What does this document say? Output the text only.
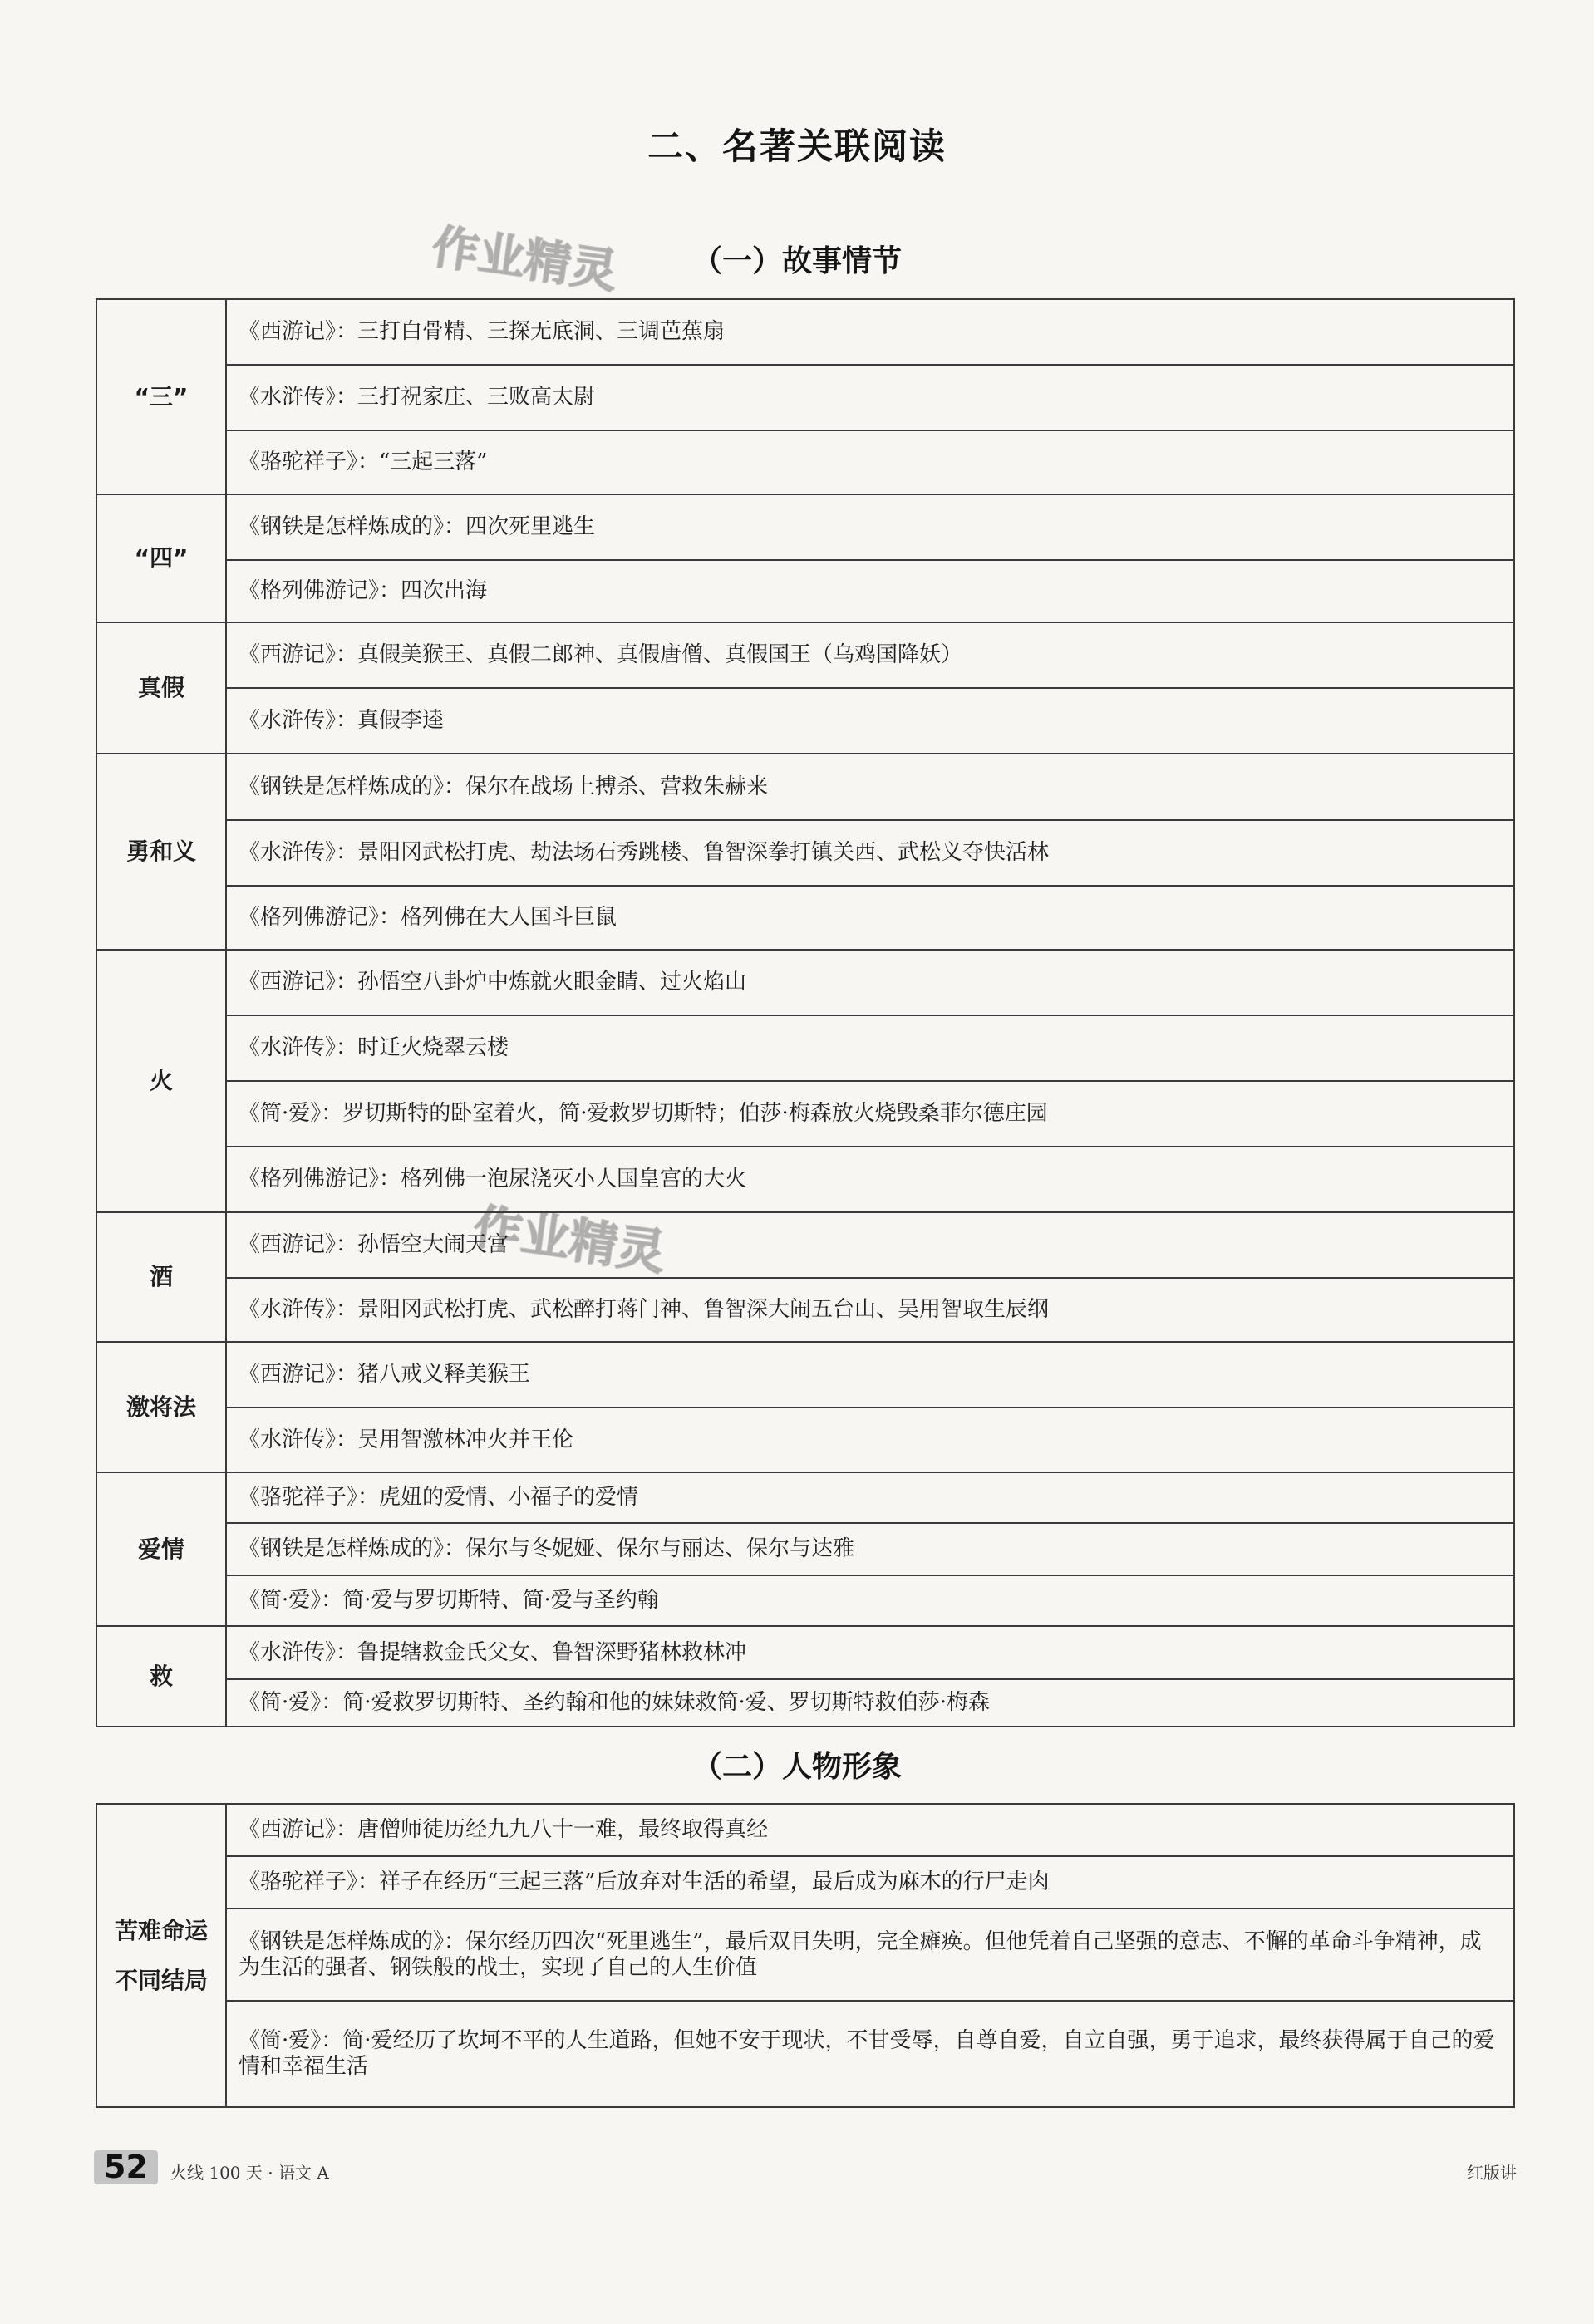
二、名著关联阅读
作业精灵
作业精灵
（一）故事情节
“三”	《西游记》：三打白骨精、三探无底洞、三调芭蕉扇
	《水浒传》：三打祝家庄、三败高太尉
	《骆驼祥子》：“三起三落”
“四”	《钢铁是怎样炼成的》：四次死里逃生
	《格列佛游记》：四次出海
真假	《西游记》：真假美猴王、真假二郎神、真假唐僧、真假国王（乌鸡国降妖）
	《水浒传》：真假李逵
勇和义	《钢铁是怎样炼成的》：保尔在战场上搏杀、营救朱赫来
	《水浒传》：景阳冈武松打虎、劫法场石秀跳楼、鲁智深拳打镇关西、武松义夺快活林
	《格列佛游记》：格列佛在大人国斗巨鼠
火	《西游记》：孙悟空八卦炉中炼就火眼金睛、过火焰山
	《水浒传》：时迁火烧翠云楼
	《简·爱》：罗切斯特的卧室着火，简·爱救罗切斯特；伯莎·梅森放火烧毁桑菲尔德庄园
	《格列佛游记》：格列佛一泡尿浇灭小人国皇宫的大火
酒	《西游记》：孙悟空大闹天宫
	《水浒传》：景阳冈武松打虎、武松醉打蒋门神、鲁智深大闹五台山、吴用智取生辰纲
激将法	《西游记》：猪八戒义释美猴王
	《水浒传》：吴用智激林冲火并王伦
爱情	《骆驼祥子》：虎妞的爱情、小福子的爱情
	《钢铁是怎样炼成的》：保尔与冬妮娅、保尔与丽达、保尔与达雅
	《简·爱》：简·爱与罗切斯特、简·爱与圣约翰
救	《水浒传》：鲁提辖救金氏父女、鲁智深野猪林救林冲
	《简·爱》：简·爱救罗切斯特、圣约翰和他的妹妹救简·爱、罗切斯特救伯莎·梅森
（二）人物形象
苦难命运
不同结局
	《西游记》：唐僧师徒历经九九八十一难，最终取得真经
《骆驼祥子》：祥子在经历“三起三落”后放弃对生活的希望，最后成为麻木的行尸走肉
《钢铁是怎样炼成的》：保尔经历四次“死里逃生”，最后双目失明，完全瘫痪。但他凭着自己坚强的意志、不懈的革命斗争精神，成为生活的强者、钢铁般的战士，实现了自己的人生价值
《简·爱》：简·爱经历了坎坷不平的人生道路，但她不安于现状，不甘受辱，自尊自爱，自立自强，勇于追求，最终获得属于自己的爱情和幸福生活
52	火线 100 天 · 语文 A	红版讲
